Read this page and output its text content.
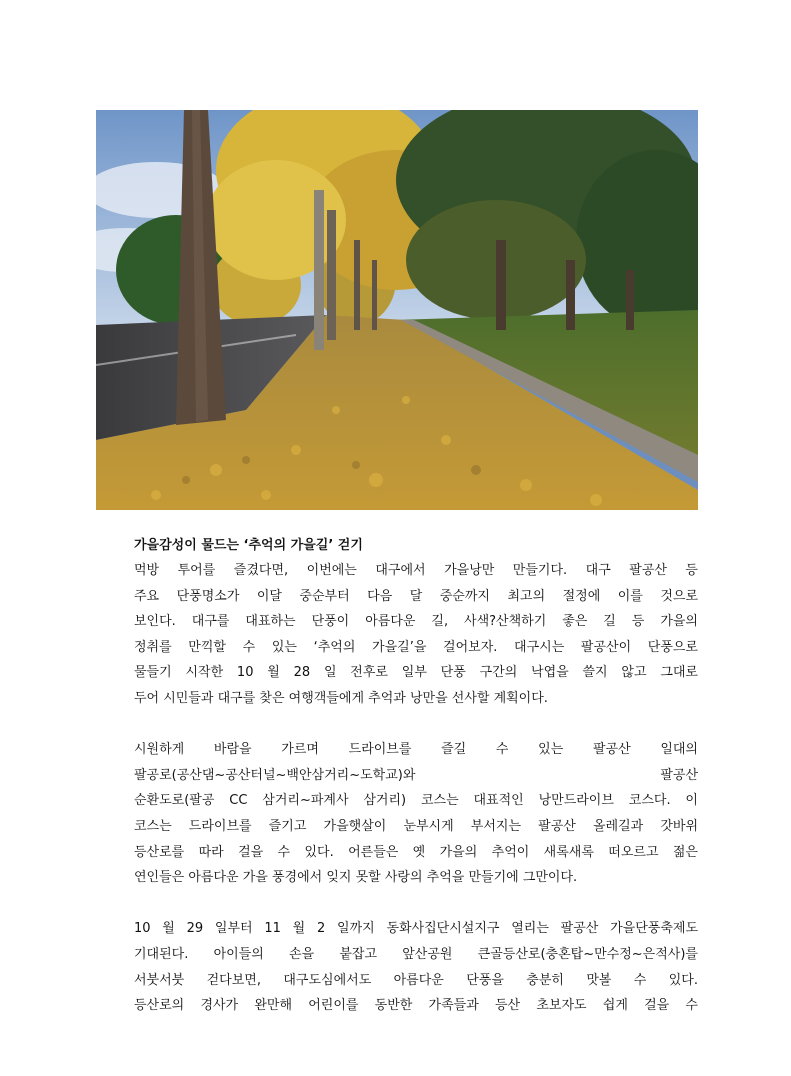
가을감성이 물드는 ‘추억의 가을길’ 걷기

먹방 투어를 즐겼다면, 이번에는 대구에서 가을낭만 만들기다. 대구 팔공산 등
주요 단풍명소가 이달 중순부터 다음 달 중순까지 최고의 절정에 이를 것으로
보인다. 대구를 대표하는 단풍이 아름다운 길, 사색?산책하기 좋은 길 등 가을의
정취를 만끽할 수 있는 ‘추억의 가을길’을 걸어보자. 대구시는 팔공산이 단풍으로
물들기 시작한 10 월 28 일 전후로 일부 단풍 구간의 낙엽을 쓸지 않고 그대로
두어 시민들과 대구를 찾은 여행객들에게 추억과 낭만을 선사할 계획이다.

시원하게 바람을 가르며 드라이브를 즐길 수 있는 팔공산 일대의
팔공로(공산댐~공산터널~백안삼거리~도학교)와 팔공산
순환도로(팔공 CC 삼거리~파계사 삼거리) 코스는 대표적인 낭만드라이브 코스다. 이
코스는 드라이브를 즐기고 가을햇살이 눈부시게 부서지는 팔공산 올레길과 갓바위
등산로를 따라 걸을 수 있다. 어른들은 옛 가을의 추억이 새록새록 떠오르고 젊은
연인들은 아름다운 가을 풍경에서 잊지 못할 사랑의 추억을 만들기에 그만이다.

10 월 29 일부터 11 월 2 일까지 동화사집단시설지구 열리는 팔공산 가을단풍축제도
기대된다. 아이들의 손을 붙잡고 앞산공원 큰골등산로(충혼탑~만수정~은적사)를
서붓서붓 걷다보면, 대구도심에서도 아름다운 단풍을 충분히 맛볼 수 있다.
등산로의 경사가 완만해 어린이를 동반한 가족들과 등산 초보자도 쉽게 걸을 수
